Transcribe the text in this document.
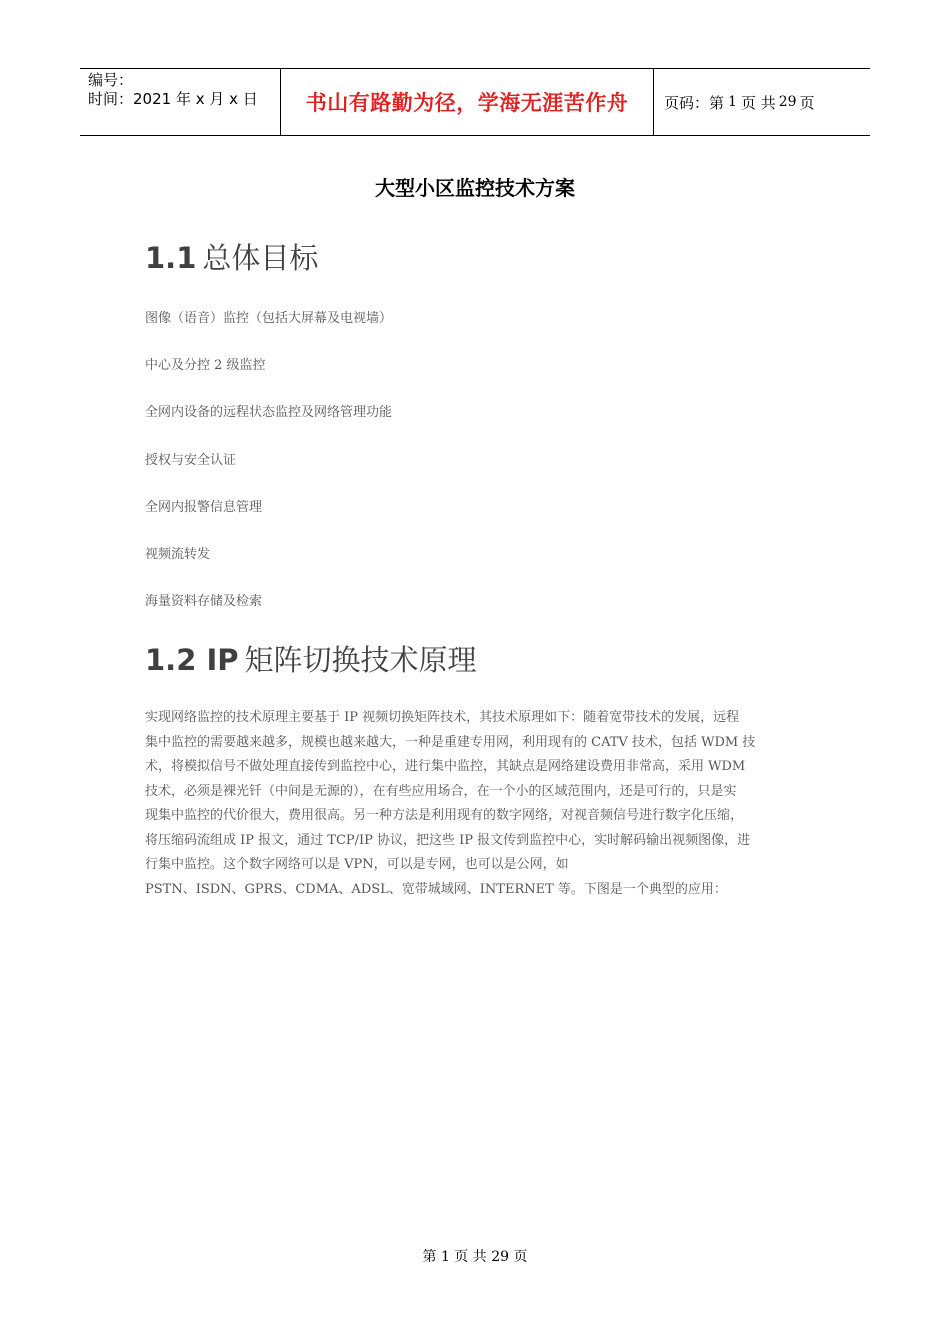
编号：
时间：2021 年 x 月 x 日	书山有路勤为径，学海无涯苦作舟	页码：第 1 页 共 29 页
大型小区监控技术方案
1.1 总体目标
图像（语音）监控（包括大屏幕及电视墙）
中心及分控 2 级监控
全网内设备的远程状态监控及网络管理功能
授权与安全认证
全网内报警信息管理
视频流转发
海量资料存储及检索
1.2 IP 矩阵切换技术原理
实现网络监控的技术原理主要基于 IP 视频切换矩阵技术，其技术原理如下：随着宽带技术的发展，远程
集中监控的需要越来越多，规模也越来越大，一种是重建专用网，利用现有的 CATV 技术，包括 WDM 技
术，将模拟信号不做处理直接传到监控中心，进行集中监控，其缺点是网络建设费用非常高，采用 WDM
技术，必须是裸光钎（中间是无源的），在有些应用场合，在一个小的区域范围内，还是可行的，只是实
现集中监控的代价很大，费用很高。另一种方法是利用现有的数字网络，对视音频信号进行数字化压缩，
将压缩码流组成 IP 报文，通过 TCP/IP 协议，把这些 IP 报文传到监控中心，实时解码输出视频图像，进
行集中监控。这个数字网络可以是 VPN，可以是专网，也可以是公网，如
PSTN、ISDN、GPRS、CDMA、ADSL、宽带城域网、INTERNET 等。下图是一个典型的应用：
第 1 页 共 29 页
